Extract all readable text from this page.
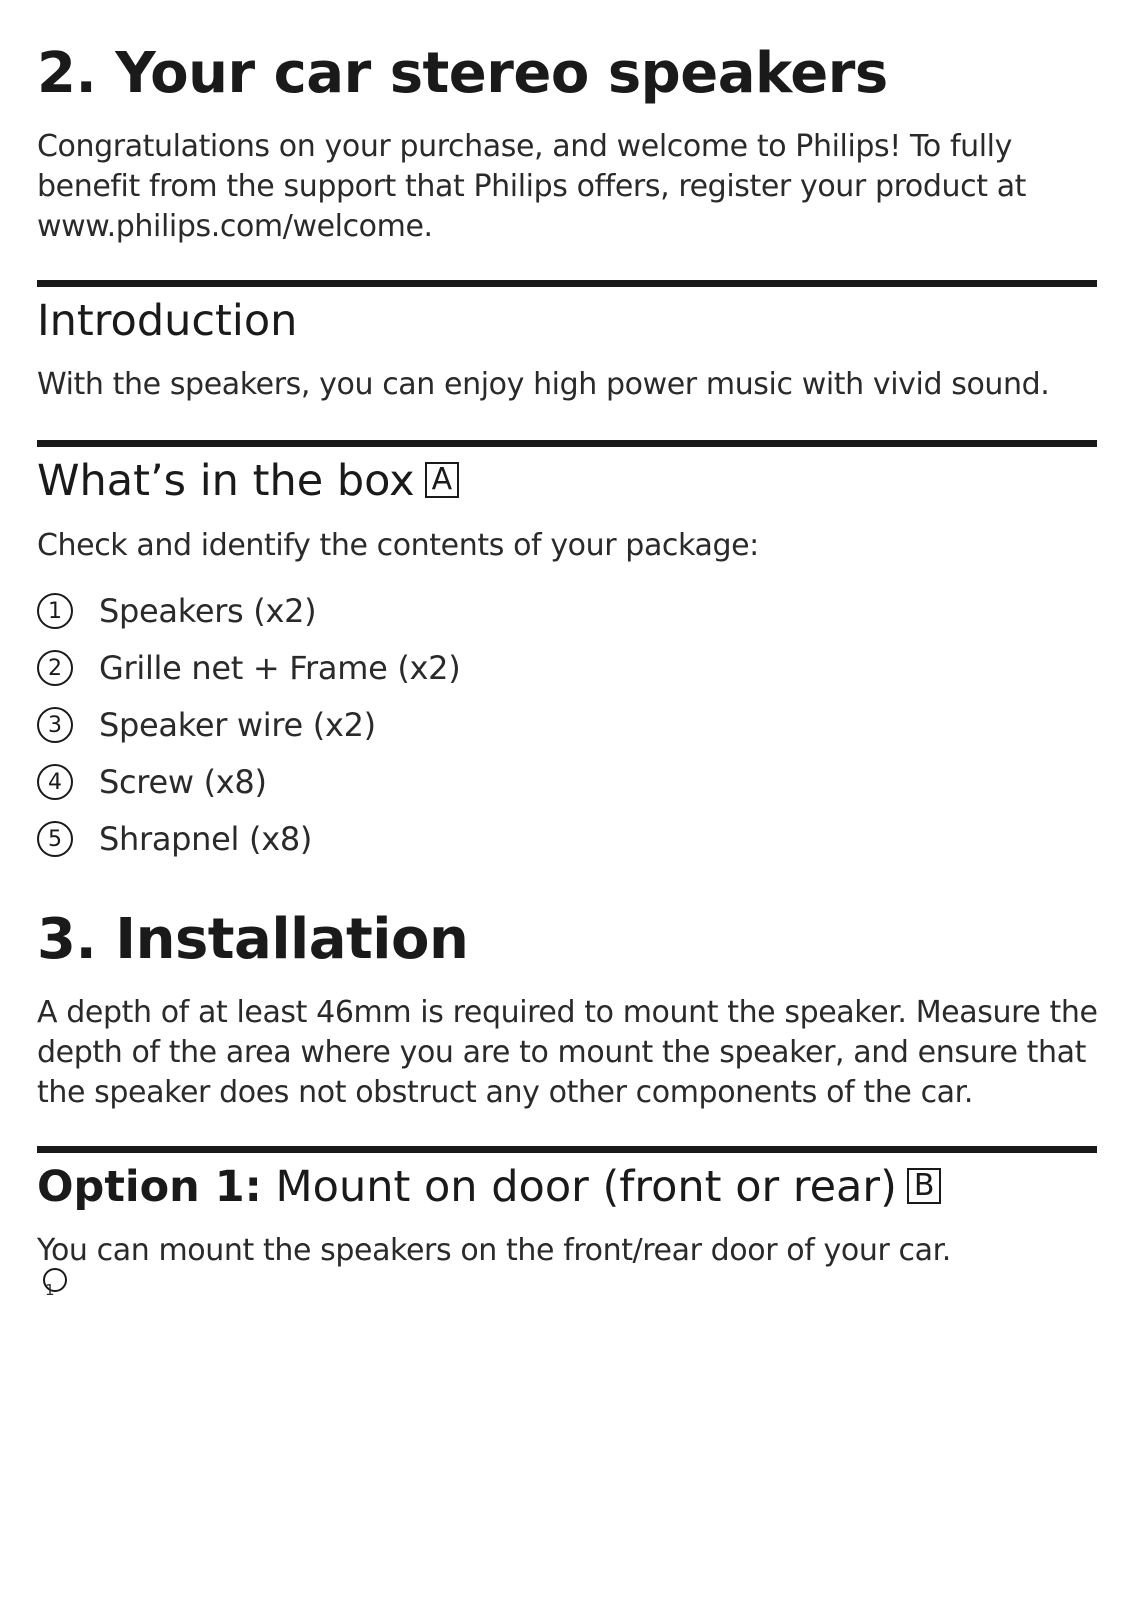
2. Your car stereo speakers
Congratulations on your purchase, and welcome to Philips! To fully
benefit from the support that Philips offers, register your product at
www.philips.com/welcome.
Introduction
With the speakers, you can enjoy high power music with vivid sound.
What’s in the box A
Check and identify the contents of your package:
1	Speakers (x2)
2	Grille net + Frame (x2)
3	Speaker wire (x2)
4	Screw (x8)
5	Shrapnel (x8)
3. Installation
A depth of at least 46mm is required to mount the speaker. Measure the
depth of the area where you are to mount the speaker, and ensure that
the speaker does not obstruct any other components of the car.
Option 1: Mount on door (front or rear) B
You can mount the speakers on the front/rear door of your car.
1
